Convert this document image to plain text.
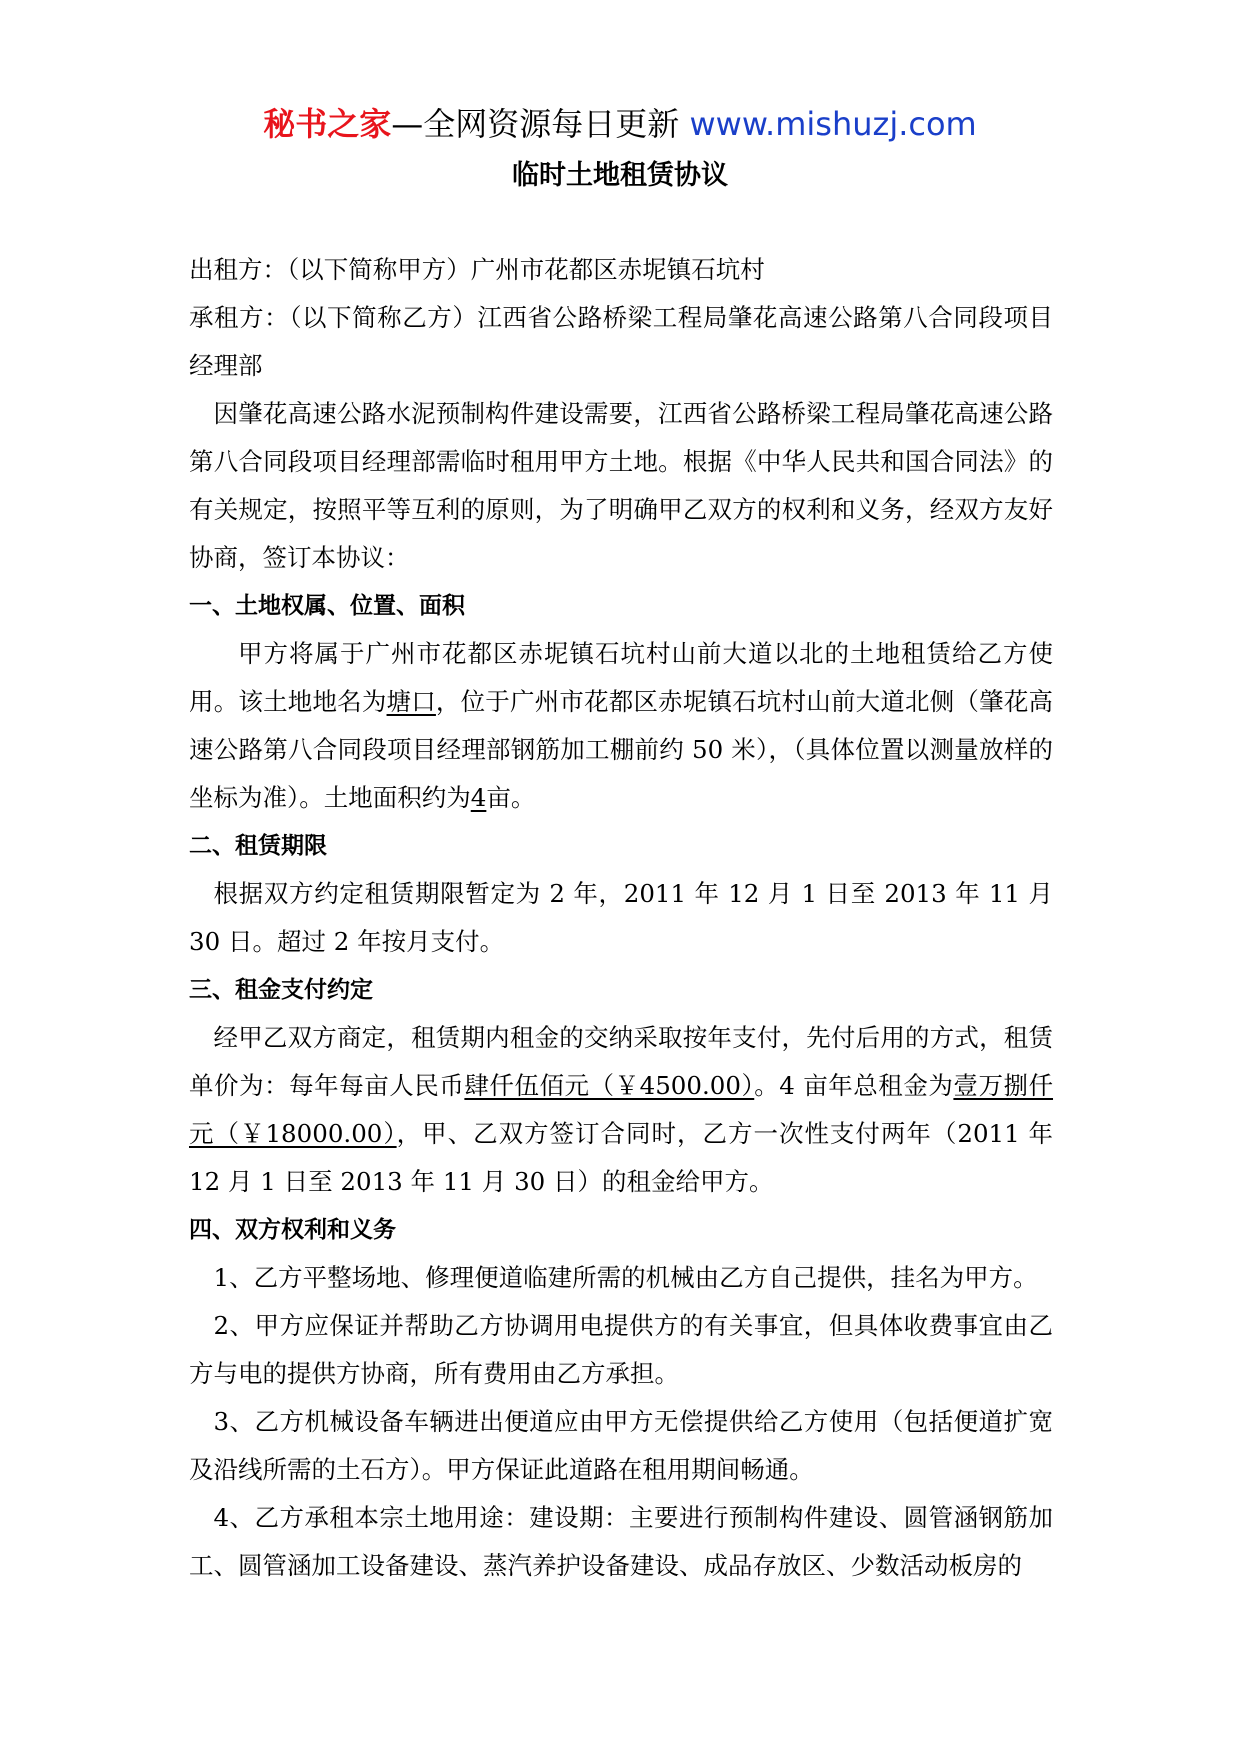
秘书之家—全网资源每日更新 www.mishuzj.com
临时土地租赁协议

出租方：（以下简称甲方）广州市花都区赤坭镇石坑村

承租方：（以下简称乙方）江西省公路桥梁工程局肇花高速公路第八合同段项目经理部

因肇花高速公路水泥预制构件建设需要，江西省公路桥梁工程局肇花高速公路第八合同段项目经理部需临时租用甲方土地。根据《中华人民共和国合同法》的有关规定，按照平等互利的原则，为了明确甲乙双方的权利和义务，经双方友好协商，签订本协议：

一、土地权属、位置、面积

甲方将属于广州市花都区赤坭镇石坑村山前大道以北的土地租赁给乙方使用。该土地地名为塘口，位于广州市花都区赤坭镇石坑村山前大道北侧（肇花高速公路第八合同段项目经理部钢筋加工棚前约 50 米），（具体位置以测量放样的坐标为准）。土地面积约为4亩。

二、租赁期限

根据双方约定租赁期限暂定为 2 年，2011 年 12 月 1 日至 2013 年 11 月 30 日。超过 2 年按月支付。

三、租金支付约定

经甲乙双方商定，租赁期内租金的交纳采取按年支付，先付后用的方式，租赁单价为：每年每亩人民币肆仟伍佰元（￥4500.00）。4 亩年总租金为壹万捌仟元（￥18000.00），甲、乙双方签订合同时，乙方一次性支付两年（2011 年 12 月 1 日至 2013 年 11 月 30 日）的租金给甲方。

四、双方权利和义务

1、乙方平整场地、修理便道临建所需的机械由乙方自己提供，挂名为甲方。

2、甲方应保证并帮助乙方协调用电提供方的有关事宜，但具体收费事宜由乙方与电的提供方协商，所有费用由乙方承担。

3、乙方机械设备车辆进出便道应由甲方无偿提供给乙方使用（包括便道扩宽及沿线所需的土石方）。甲方保证此道路在租用期间畅通。

4、乙方承租本宗土地用途：建设期：主要进行预制构件建设、圆管涵钢筋加工、圆管涵加工设备建设、蒸汽养护设备建设、成品存放区、少数活动板房的
